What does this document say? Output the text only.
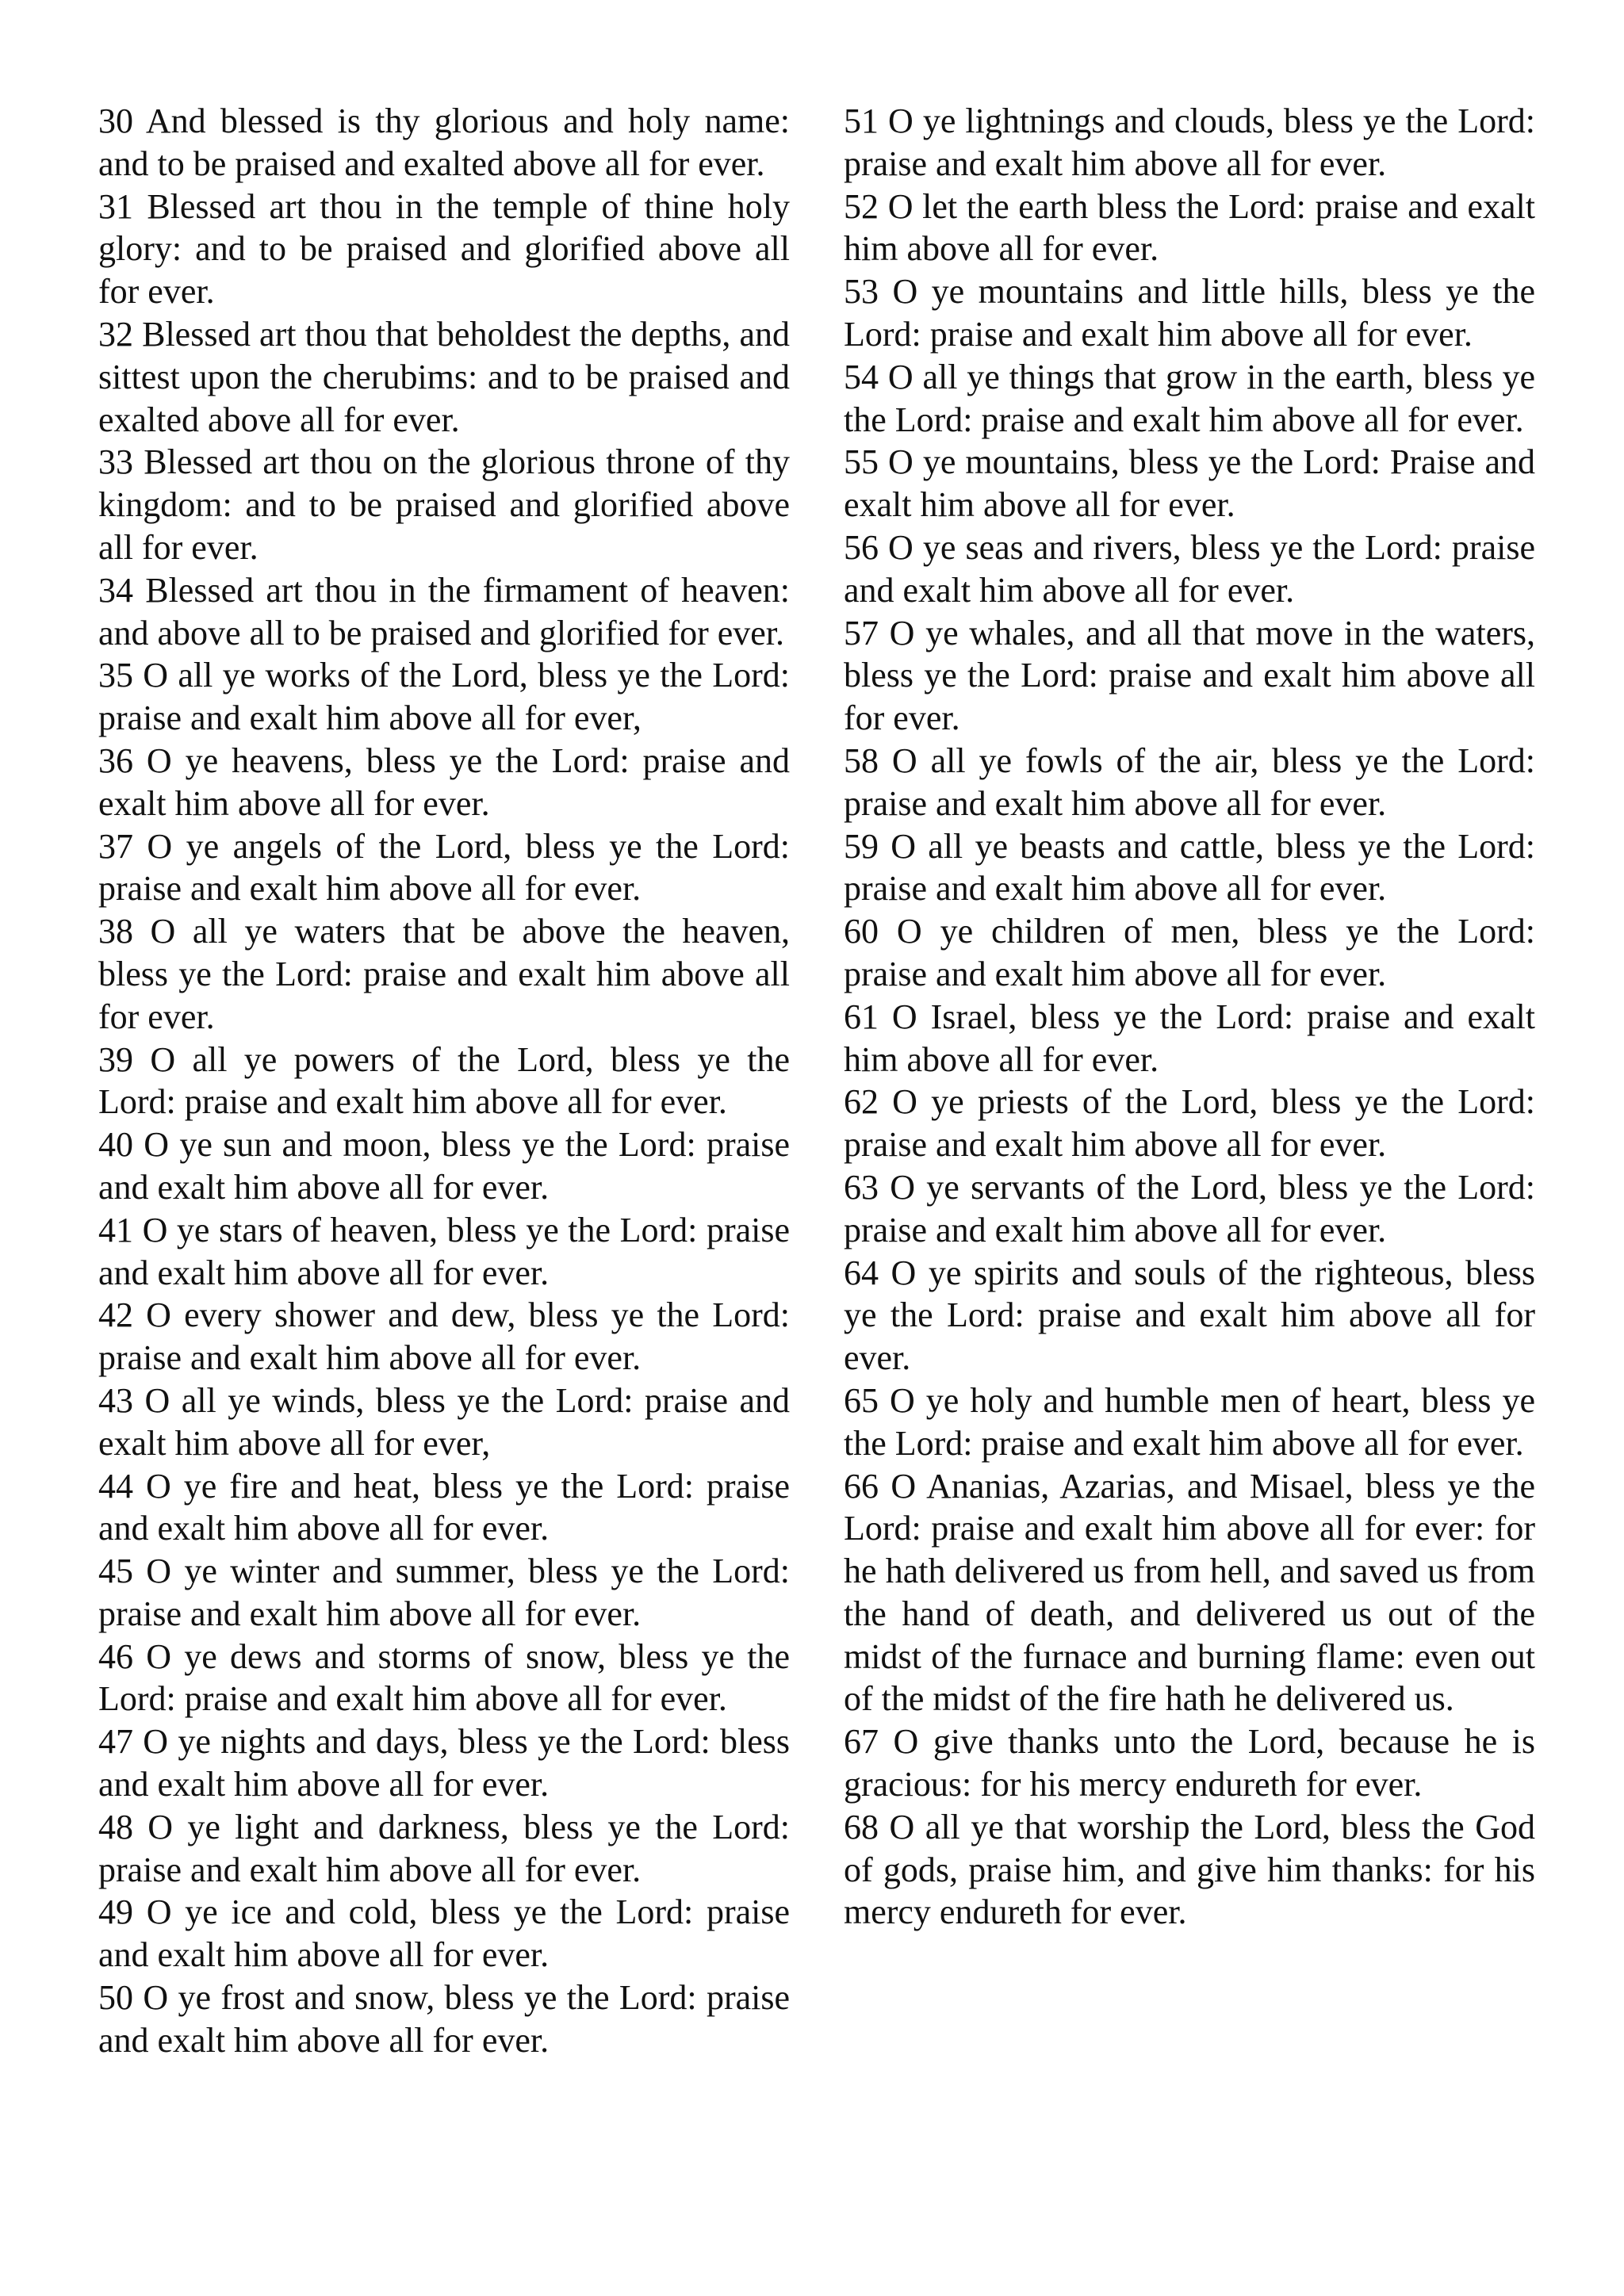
30 And blessed is thy glorious and holy name: and to be praised and exalted above all for ever.

31 Blessed art thou in the temple of thine holy glory: and to be praised and glorified above all for ever.

32 Blessed art thou that beholdest the depths, and sittest upon the cherubims: and to be praised and exalted above all for ever.

33 Blessed art thou on the glorious throne of thy kingdom: and to be praised and glorified above all for ever.

34 Blessed art thou in the firmament of heaven: and above all to be praised and glorified for ever.

35 O all ye works of the Lord, bless ye the Lord: praise and exalt him above all for ever,

36 O ye heavens, bless ye the Lord: praise and exalt him above all for ever.

37 O ye angels of the Lord, bless ye the Lord: praise and exalt him above all for ever.

38 O all ye waters that be above the heaven, bless ye the Lord: praise and exalt him above all for ever.

39 O all ye powers of the Lord, bless ye the Lord: praise and exalt him above all for ever.

40 O ye sun and moon, bless ye the Lord: praise and exalt him above all for ever.

41 O ye stars of heaven, bless ye the Lord: praise and exalt him above all for ever.

42 O every shower and dew, bless ye the Lord: praise and exalt him above all for ever.

43 O all ye winds, bless ye the Lord: praise and exalt him above all for ever,

44 O ye fire and heat, bless ye the Lord: praise and exalt him above all for ever.

45 O ye winter and summer, bless ye the Lord: praise and exalt him above all for ever.

46 O ye dews and storms of snow, bless ye the Lord: praise and exalt him above all for ever.

47 O ye nights and days, bless ye the Lord: bless and exalt him above all for ever.

48 O ye light and darkness, bless ye the Lord: praise and exalt him above all for ever.

49 O ye ice and cold, bless ye the Lord: praise and exalt him above all for ever.

50 O ye frost and snow, bless ye the Lord: praise and exalt him above all for ever.

51 O ye lightnings and clouds, bless ye the Lord: praise and exalt him above all for ever.

52 O let the earth bless the Lord: praise and exalt him above all for ever.

53 O ye mountains and little hills, bless ye the Lord: praise and exalt him above all for ever.

54 O all ye things that grow in the earth, bless ye the Lord: praise and exalt him above all for ever.

55 O ye mountains, bless ye the Lord: Praise and exalt him above all for ever.

56 O ye seas and rivers, bless ye the Lord: praise and exalt him above all for ever.

57 O ye whales, and all that move in the waters, bless ye the Lord: praise and exalt him above all for ever.

58 O all ye fowls of the air, bless ye the Lord: praise and exalt him above all for ever.

59 O all ye beasts and cattle, bless ye the Lord: praise and exalt him above all for ever.

60 O ye children of men, bless ye the Lord: praise and exalt him above all for ever.

61 O Israel, bless ye the Lord: praise and exalt him above all for ever.

62 O ye priests of the Lord, bless ye the Lord: praise and exalt him above all for ever.

63 O ye servants of the Lord, bless ye the Lord: praise and exalt him above all for ever.

64 O ye spirits and souls of the righteous, bless ye the Lord: praise and exalt him above all for ever.

65 O ye holy and humble men of heart, bless ye the Lord: praise and exalt him above all for ever.

66 O Ananias, Azarias, and Misael, bless ye the Lord: praise and exalt him above all for ever: for he hath delivered us from hell, and saved us from the hand of death, and delivered us out of the midst of the furnace and burning flame: even out of the midst of the fire hath he delivered us.

67 O give thanks unto the Lord, because he is gracious: for his mercy endureth for ever.

68 O all ye that worship the Lord, bless the God of gods, praise him, and give him thanks: for his mercy endureth for ever.
